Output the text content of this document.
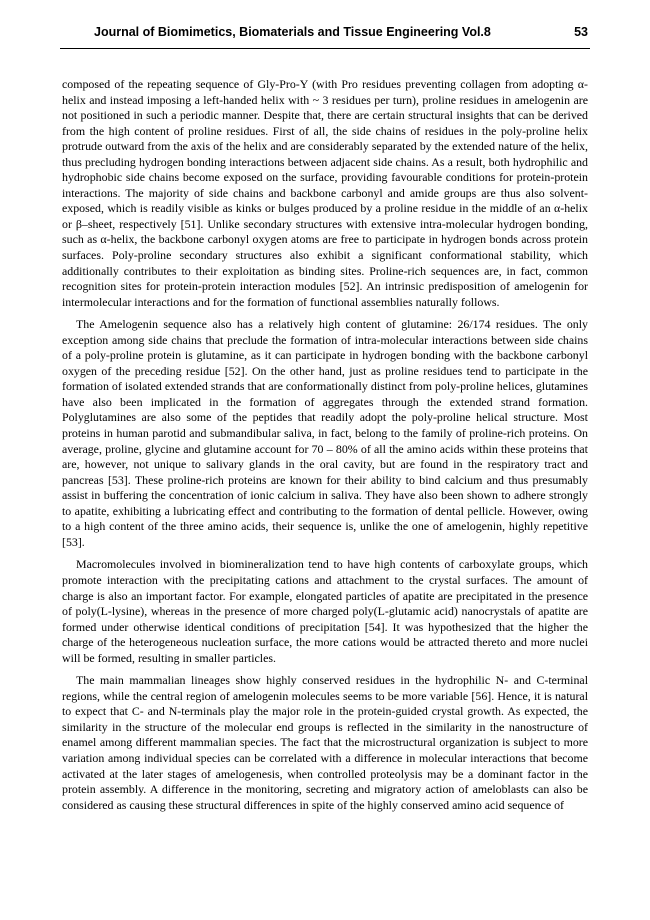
Journal of Biomimetics, Biomaterials and Tissue Engineering Vol.8	53

composed of the repeating sequence of Gly-Pro-Y (with Pro residues preventing collagen from adopting α-helix and instead imposing a left-handed helix with ~ 3 residues per turn), proline residues in amelogenin are not positioned in such a periodic manner. Despite that, there are certain structural insights that can be derived from the high content of proline residues. First of all, the side chains of residues in the poly-proline helix protrude outward from the axis of the helix and are considerably separated by the extended nature of the helix, thus precluding hydrogen bonding interactions between adjacent side chains. As a result, both hydrophilic and hydrophobic side chains become exposed on the surface, providing favourable conditions for protein-protein interactions. The majority of side chains and backbone carbonyl and amide groups are thus also solvent-exposed, which is readily visible as kinks or bulges produced by a proline residue in the middle of an α-helix or β–sheet, respectively [51]. Unlike secondary structures with extensive intra-molecular hydrogen bonding, such as α-helix, the backbone carbonyl oxygen atoms are free to participate in hydrogen bonds across protein surfaces. Poly-proline secondary structures also exhibit a significant conformational stability, which additionally contributes to their exploitation as binding sites. Proline-rich sequences are, in fact, common recognition sites for protein-protein interaction modules [52]. An intrinsic predisposition of amelogenin for intermolecular interactions and for the formation of functional assemblies naturally follows.

The Amelogenin sequence also has a relatively high content of glutamine: 26/174 residues. The only exception among side chains that preclude the formation of intra-molecular interactions between side chains of a poly-proline protein is glutamine, as it can participate in hydrogen bonding with the backbone carbonyl oxygen of the preceding residue [52]. On the other hand, just as proline residues tend to participate in the formation of isolated extended strands that are conformationally distinct from poly-proline helices, glutamines have also been implicated in the formation of aggregates through the extended strand formation. Polyglutamines are also some of the peptides that readily adopt the poly-proline helical structure. Most proteins in human parotid and submandibular saliva, in fact, belong to the family of proline-rich proteins. On average, proline, glycine and glutamine account for 70 – 80% of all the amino acids within these proteins that are, however, not unique to salivary glands in the oral cavity, but are found in the respiratory tract and pancreas [53]. These proline-rich proteins are known for their ability to bind calcium and thus presumably assist in buffering the concentration of ionic calcium in saliva. They have also been shown to adhere strongly to apatite, exhibiting a lubricating effect and contributing to the formation of dental pellicle. However, owing to a high content of the three amino acids, their sequence is, unlike the one of amelogenin, highly repetitive [53].

Macromolecules involved in biomineralization tend to have high contents of carboxylate groups, which promote interaction with the precipitating cations and attachment to the crystal surfaces. The amount of charge is also an important factor. For example, elongated particles of apatite are precipitated in the presence of poly(L-lysine), whereas in the presence of more charged poly(L-glutamic acid) nanocrystals of apatite are formed under otherwise identical conditions of precipitation [54]. It was hypothesized that the higher the charge of the heterogeneous nucleation surface, the more cations would be attracted thereto and more nuclei will be formed, resulting in smaller particles.

The main mammalian lineages show highly conserved residues in the hydrophilic N- and C-terminal regions, while the central region of amelogenin molecules seems to be more variable [56]. Hence, it is natural to expect that C- and N-terminals play the major role in the protein-guided crystal growth. As expected, the similarity in the structure of the molecular end groups is reflected in the similarity in the nanostructure of enamel among different mammalian species. The fact that the microstructural organization is subject to more variation among individual species can be correlated with a difference in molecular interactions that become activated at the later stages of amelogenesis, when controlled proteolysis may be a dominant factor in the protein assembly. A difference in the monitoring, secreting and migratory action of ameloblasts can also be considered as causing these structural differences in spite of the highly conserved amino acid sequence of
